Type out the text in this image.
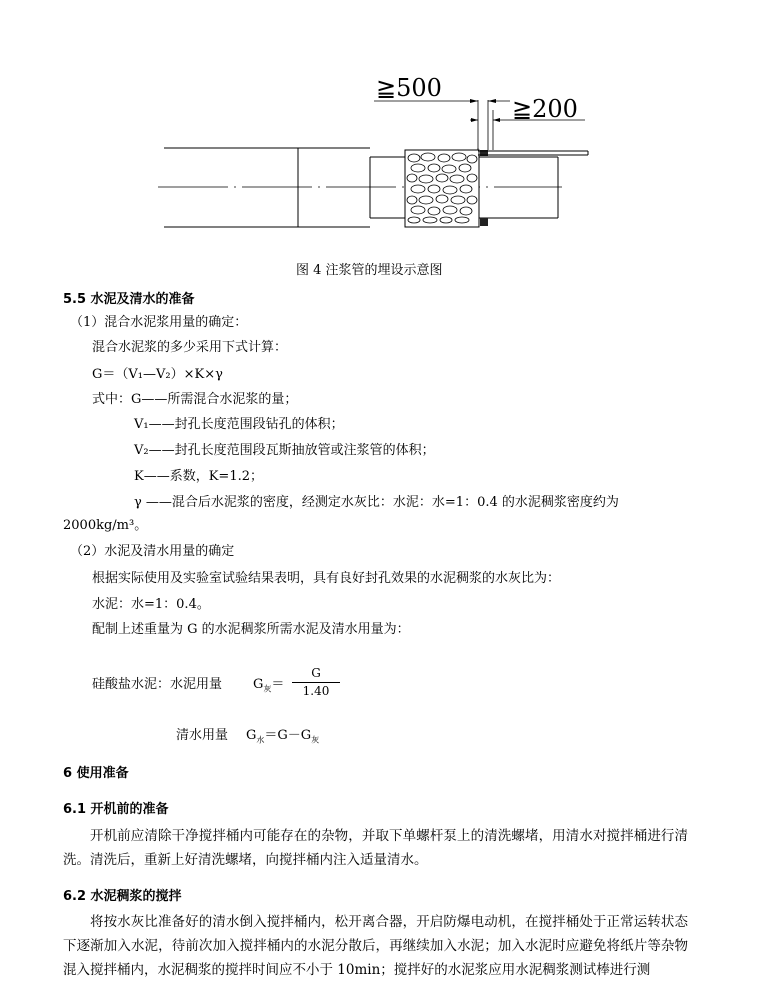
≧500
≧200
图 4 注浆管的埋设示意图
5.5 水泥及清水的准备
（1）混合水泥浆用量的确定：
混合水泥浆的多少采用下式计算：
G＝（V₁—V₂）×K×γ
式中：G——所需混合水泥浆的量；
V₁——封孔长度范围段钻孔的体积；
V₂——封孔长度范围段瓦斯抽放管或注浆管的体积；
K——系数，K=1.2；
γ ——混合后水泥浆的密度，经测定水灰比：水泥：水=1：0.4 的水泥稠浆密度约为
2000kg/m³。
（2）水泥及清水用量的确定
根据实际使用及实验室试验结果表明，具有良好封孔效果的水泥稠浆的水灰比为：
水泥：水=1：0.4。
配制上述重量为 G 的水泥稠浆所需水泥及清水用量为：
硅酸盐水泥：水泥用量 $G_灰=$
G
1.40
清水用量 $G_水=G-G_灰$
6 使用准备
6.1 开机前的准备
开机前应清除干净搅拌桶内可能存在的杂物，并取下单螺杆泵上的清洗螺堵，用清水对搅拌桶进行清洗。清洗后，重新上好清洗螺堵，向搅拌桶内注入适量清水。
6.2 水泥稠浆的搅拌
将按水灰比准备好的清水倒入搅拌桶内，松开离合器，开启防爆电动机，在搅拌桶处于正常运转状态下逐渐加入水泥，待前次加入搅拌桶内的水泥分散后，再继续加入水泥；加入水泥时应避免将纸片等杂物混入搅拌桶内，水泥稠浆的搅拌时间应不小于 10min；搅拌好的水泥浆应用水泥稠浆测试棒进行测
